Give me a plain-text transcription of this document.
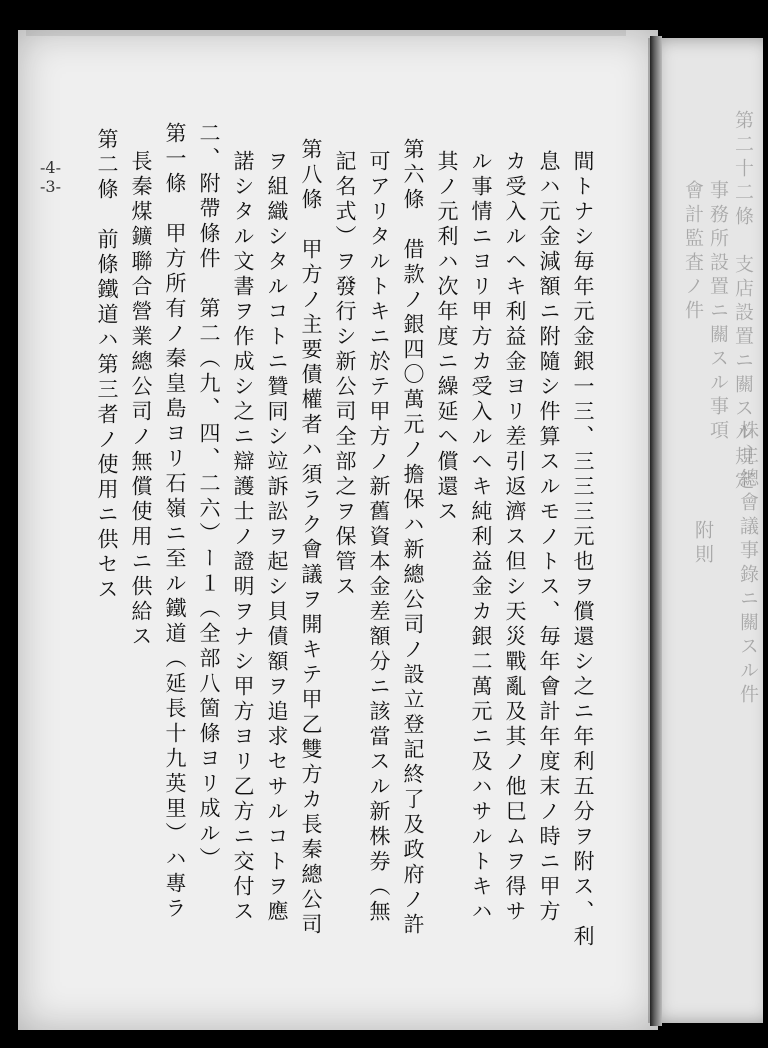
第二十二條　支店設置ニ關スル規定
事務所設置ニ關スル事項
會計監査ノ件
株主總會議事錄ニ關スル件
附則
間トナシ毎年元金銀一三、三三三元也ヲ償還シ之ニ年利五分ヲ附ス、利
息ハ元金減額ニ附隨シ件算スルモノトス、毎年會計年度末ノ時ニ甲方
カ受入ルヘキ利益金ヨリ差引返濟ス但シ天災戰亂及其ノ他巳ムヲ得サ
ル事情ニヨリ甲方カ受入ルヘキ純利益金カ銀二萬元ニ及ハサルトキハ
其ノ元利ハ次年度ニ繰延ヘ償還ス
第六條　借款ノ銀四〇萬元ノ擔保ハ新總公司ノ設立登記終了及政府ノ許
可アリタルトキニ於テ甲方ノ新舊資本金差額分ニ該當スル新株券（無
記名式）ヲ發行シ新公司全部之ヲ保管ス
第八條　甲方ノ主要債權者ハ須ラク會議ヲ開キテ甲乙雙方カ長秦總公司
ヲ組織シタルコトニ贊同シ竝訴訟ヲ起シ貝債額ヲ追求セサルコトヲ應
諾シタル文書ヲ作成シ之ニ辯護士ノ證明ヲナシ甲方ヨリ乙方ニ交付ス
二、附帶條件　第二（九、四、二六）ー１（全部八箇條ヨリ成ル）
第一條　甲方所有ノ秦皇島ヨリ石嶺ニ至ル鐵道（延長十九英里）ハ專ラ
長秦煤鑛聯合營業總公司ノ無償使用ニ供給ス
第二條　前條鐵道ハ第三者ノ使用ニ供セス
-4-
-3-
